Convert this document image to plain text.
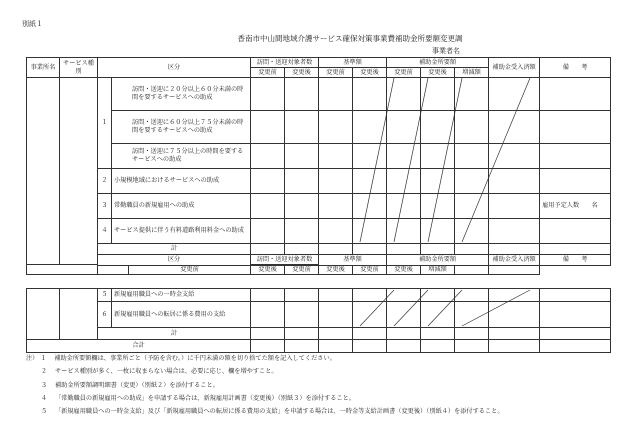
別紙１
香南市中山間地域介護サービス確保対策事業費補助金所要額変更調
事業者名
事業所名	サービス種別	区分			訪問・送迎対象者数		基準額		補助金所要額			補助金受入済額	備　　考
					変更前	変更後	変更前	変更後	変更前	変更後	増減額		
		１	訪問・送迎に２０分以上６０分未満の時間を要するサービスへの助成										
			訪問・送迎に６０分以上７５分未満の時間を要するサービスへの助成										
			訪問・送迎に７５分以上の時間を要するサービスへの助成										
		２	小規模地域におけるサービスへの助成										
		３	常勤職員の新規雇用への助成										雇用予定人数　　名
		４	サービス提供に伴う有料道路利用料金への助成										
		計											
		区分			訪問・送迎対象者数		基準額		補助金所要額			補助金受入済額	備　　考

				変更前	変更後	変更前	変更後	変更前	変更後	増減額			
		５	新規雇用職員への一時金支給									
		６	新規雇用職員への転居に係る費用の支給									
		計										
合計												
注） １ 補助金所要額欄は、事業所ごと（予防を含む。）に千円未満の額を切り捨てた額を記入してください。
２ サービス種別が多く、一枚に収まらない場合は、必要に応じ、欄を増やすこと。
３ 補助金所要額調明細書（変更）（別紙２）を添付すること。
４ 「常勤職員の新規雇用への助成」を申請する場合は、新規雇用計画書（変更後）（別紙３）を添付すること。
５ 「新規雇用職員への一時金支給」及び「新規雇用職員への転居に係る費用の支給」を申請する場合は、一時金等支給計画書（変更後）（別紙４）を添付すること。
